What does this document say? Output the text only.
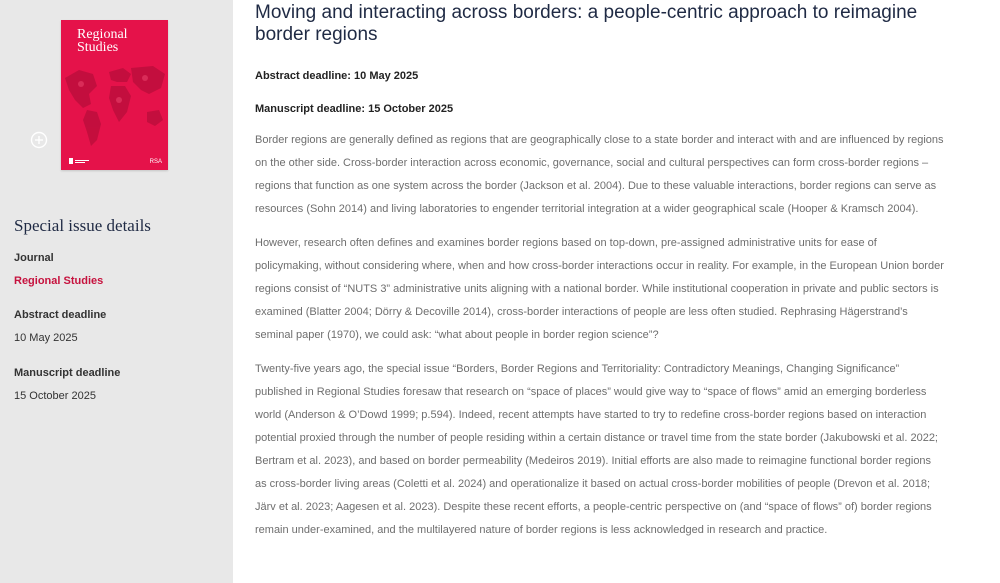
Regional
Studies
RSA
Special issue details
Journal
Regional Studies
Abstract deadline
10 May 2025
Manuscript deadline
15 October 2025
Moving and interacting across borders: a people-centric approach to reimagine border regions

Abstract deadline: 10 May 2025

Manuscript deadline: 15 October 2025

Border regions are generally defined as regions that are geographically close to a state border and interact with and are influenced by regions on the other side. Cross-border interaction across economic, governance, social and cultural perspectives can form cross-border regions – regions that function as one system across the border (Jackson et al. 2004). Due to these valuable interactions, border regions can serve as resources (Sohn 2014) and living laboratories to engender territorial integration at a wider geographical scale (Hooper & Kramsch 2004).

However, research often defines and examines border regions based on top-down, pre-assigned administrative units for ease of policymaking, without considering where, when and how cross-border interactions occur in reality. For example, in the European Union border regions consist of “NUTS 3” administrative units aligning with a national border. While institutional cooperation in private and public sectors is examined (Blatter 2004; Dörry & Decoville 2014), cross-border interactions of people are less often studied. Rephrasing Hägerstrand’s seminal paper (1970), we could ask: “what about people in border region science”?

Twenty-five years ago, the special issue “Borders, Border Regions and Territoriality: Contradictory Meanings, Changing Significance” published in Regional Studies foresaw that research on “space of places” would give way to “space of flows” amid an emerging borderless world (Anderson & O’Dowd 1999; p.594). Indeed, recent attempts have started to try to redefine cross-border regions based on interaction potential proxied through the number of people residing within a certain distance or travel time from the state border (Jakubowski et al. 2022; Bertram et al. 2023), and based on border permeability (Medeiros 2019). Initial efforts are also made to reimagine functional border regions as cross-border living areas (Coletti et al. 2024) and operationalize it based on actual cross-border mobilities of people (Drevon et al. 2018; Järv et al. 2023; Aagesen et al. 2023). Despite these recent efforts, a people-centric perspective on (and “space of flows” of) border regions remain under-examined, and the multilayered nature of border regions is less acknowledged in research and practice.
